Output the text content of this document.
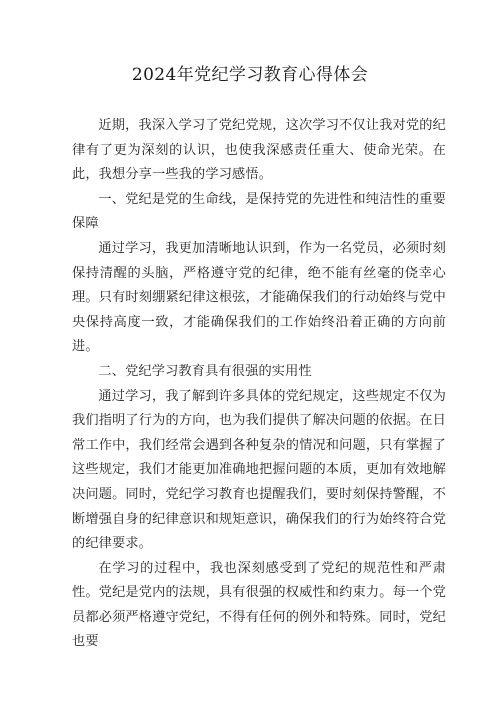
2024年党纪学习教育心得体会

近期，我深入学习了党纪党规，这次学习不仅让我对党的纪律有了更为深刻的认识，也使我深感责任重大、使命光荣。在此，我想分享一些我的学习感悟。

一、党纪是党的生命线，是保持党的先进性和纯洁性的重要保障

通过学习，我更加清晰地认识到，作为一名党员，必须时刻保持清醒的头脑，严格遵守党的纪律，绝不能有丝毫的侥幸心理。只有时刻绷紧纪律这根弦，才能确保我们的行动始终与党中央保持高度一致，才能确保我们的工作始终沿着正确的方向前进。

二、党纪学习教育具有很强的实用性

通过学习，我了解到许多具体的党纪规定，这些规定不仅为我们指明了行为的方向，也为我们提供了解决问题的依据。在日常工作中，我们经常会遇到各种复杂的情况和问题，只有掌握了这些规定，我们才能更加准确地把握问题的本质，更加有效地解决问题。同时，党纪学习教育也提醒我们，要时刻保持警醒，不断增强自身的纪律意识和规矩意识，确保我们的行为始终符合党的纪律要求。

在学习的过程中，我也深刻感受到了党纪的规范性和严肃性。党纪是党内的法规，具有很强的权威性和约束力。每一个党员都必须严格遵守党纪，不得有任何的例外和特殊。同时，党纪也要
